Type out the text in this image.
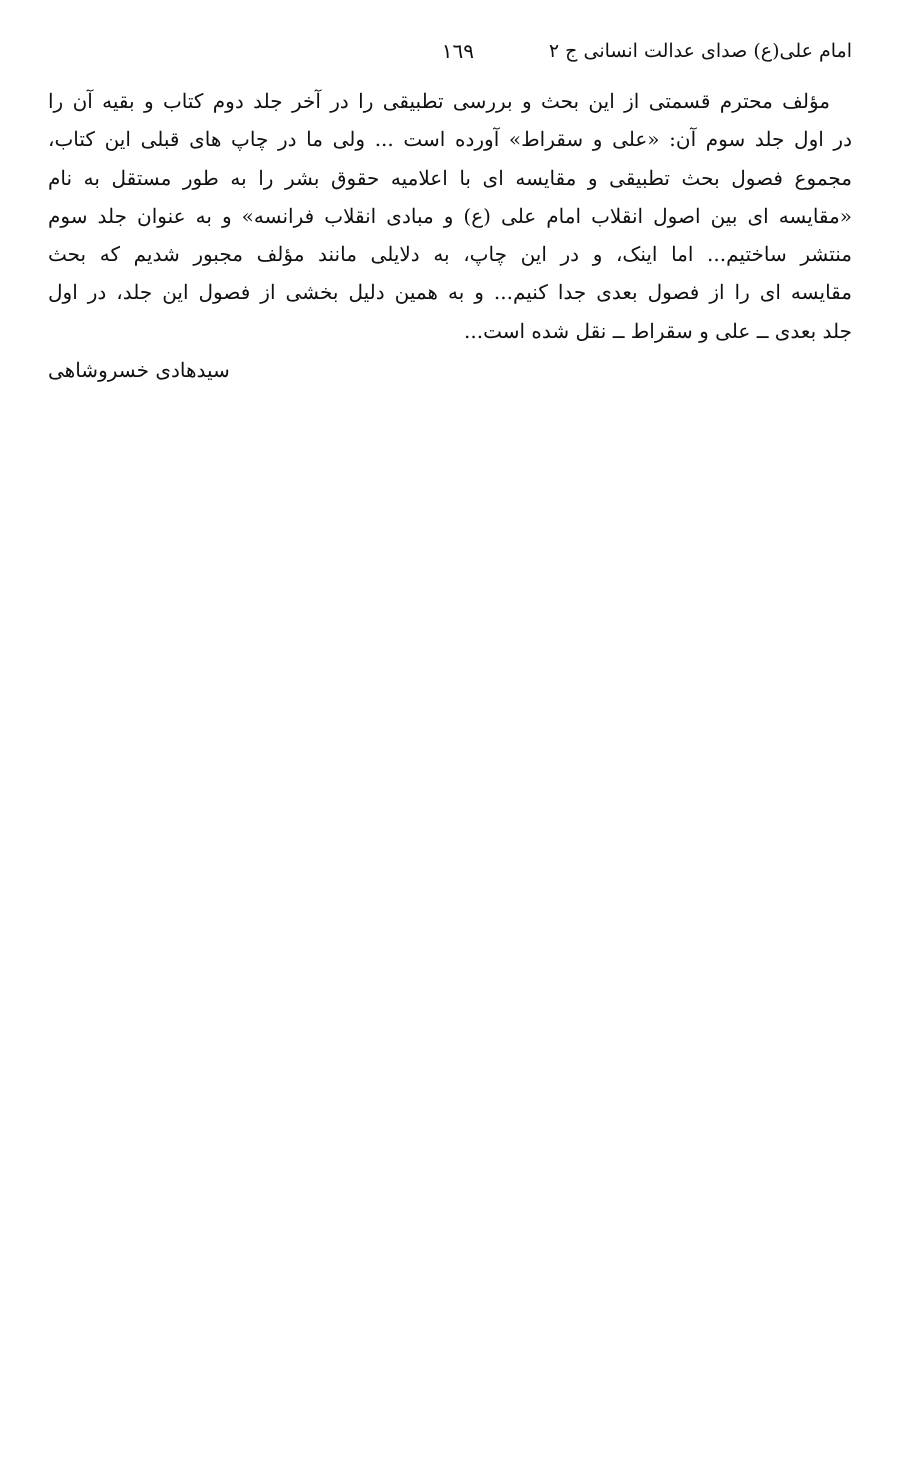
امام علی(ع) صدای عدالت انسانی ج ۲
۱٦۹
مؤلف محترم قسمتی از این بحث و بررسی تطبیقی را در آخر جلد دوم کتاب و بقیه آن را
در اول جلد سوم آن: «علی و سقراط» آورده است ... ولی ما در چاپ های قبلی این کتاب،
مجموع فصول بحث تطبیقی و مقایسه ای با اعلامیه حقوق بشر را به طور مستقل به نام
«مقایسه ای بین اصول انقلاب امام علی (ع) و مبادی انقلاب فرانسه» و به عنوان جلد سوم
منتشر ساختیم... اما اینک، و در این چاپ، به دلایلی مانند مؤلف مجبور شدیم که بحث
مقایسه ای را از فصول بعدی جدا کنیم... و به همین دلیل بخشی از فصول این جلد، در اول
جلد بعدی ــ علی و سقراط ــ نقل شده است...
سیدهادی خسروشاهی
